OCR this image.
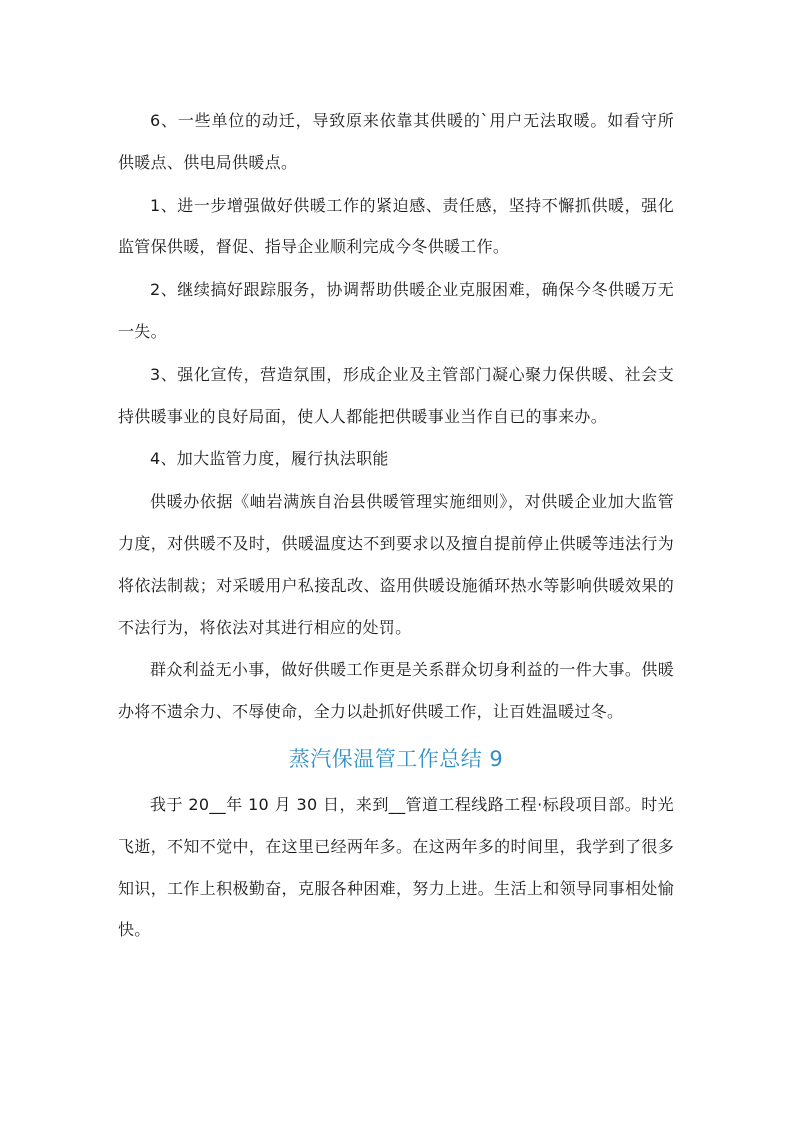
6、一些单位的动迁，导致原来依靠其供暖的`用户无法取暖。如看守所供暖点、供电局供暖点。

1、进一步增强做好供暖工作的紧迫感、责任感，坚持不懈抓供暖，强化监管保供暖，督促、指导企业顺利完成今冬供暖工作。

2、继续搞好跟踪服务，协调帮助供暖企业克服困难，确保今冬供暖万无一失。

3、强化宣传，营造氛围，形成企业及主管部门凝心聚力保供暖、社会支持供暖事业的良好局面，使人人都能把供暖事业当作自已的事来办。

4、加大监管力度，履行执法职能

供暖办依据《岫岩满族自治县供暖管理实施细则》，对供暖企业加大监管力度，对供暖不及时，供暖温度达不到要求以及擅自提前停止供暖等违法行为将依法制裁；对采暖用户私接乱改、盗用供暖设施循环热水等影响供暖效果的不法行为，将依法对其进行相应的处罚。

群众利益无小事，做好供暖工作更是关系群众切身利益的一件大事。供暖办将不遗余力、不辱使命，全力以赴抓好供暖工作，让百姓温暖过冬。

蒸汽保温管工作总结 9

我于 20__年 10 月 30 日，来到__管道工程线路工程·标段项目部。时光飞逝，不知不觉中，在这里已经两年多。在这两年多的时间里，我学到了很多知识，工作上积极勤奋，克服各种困难，努力上进。生活上和领导同事相处愉快。
